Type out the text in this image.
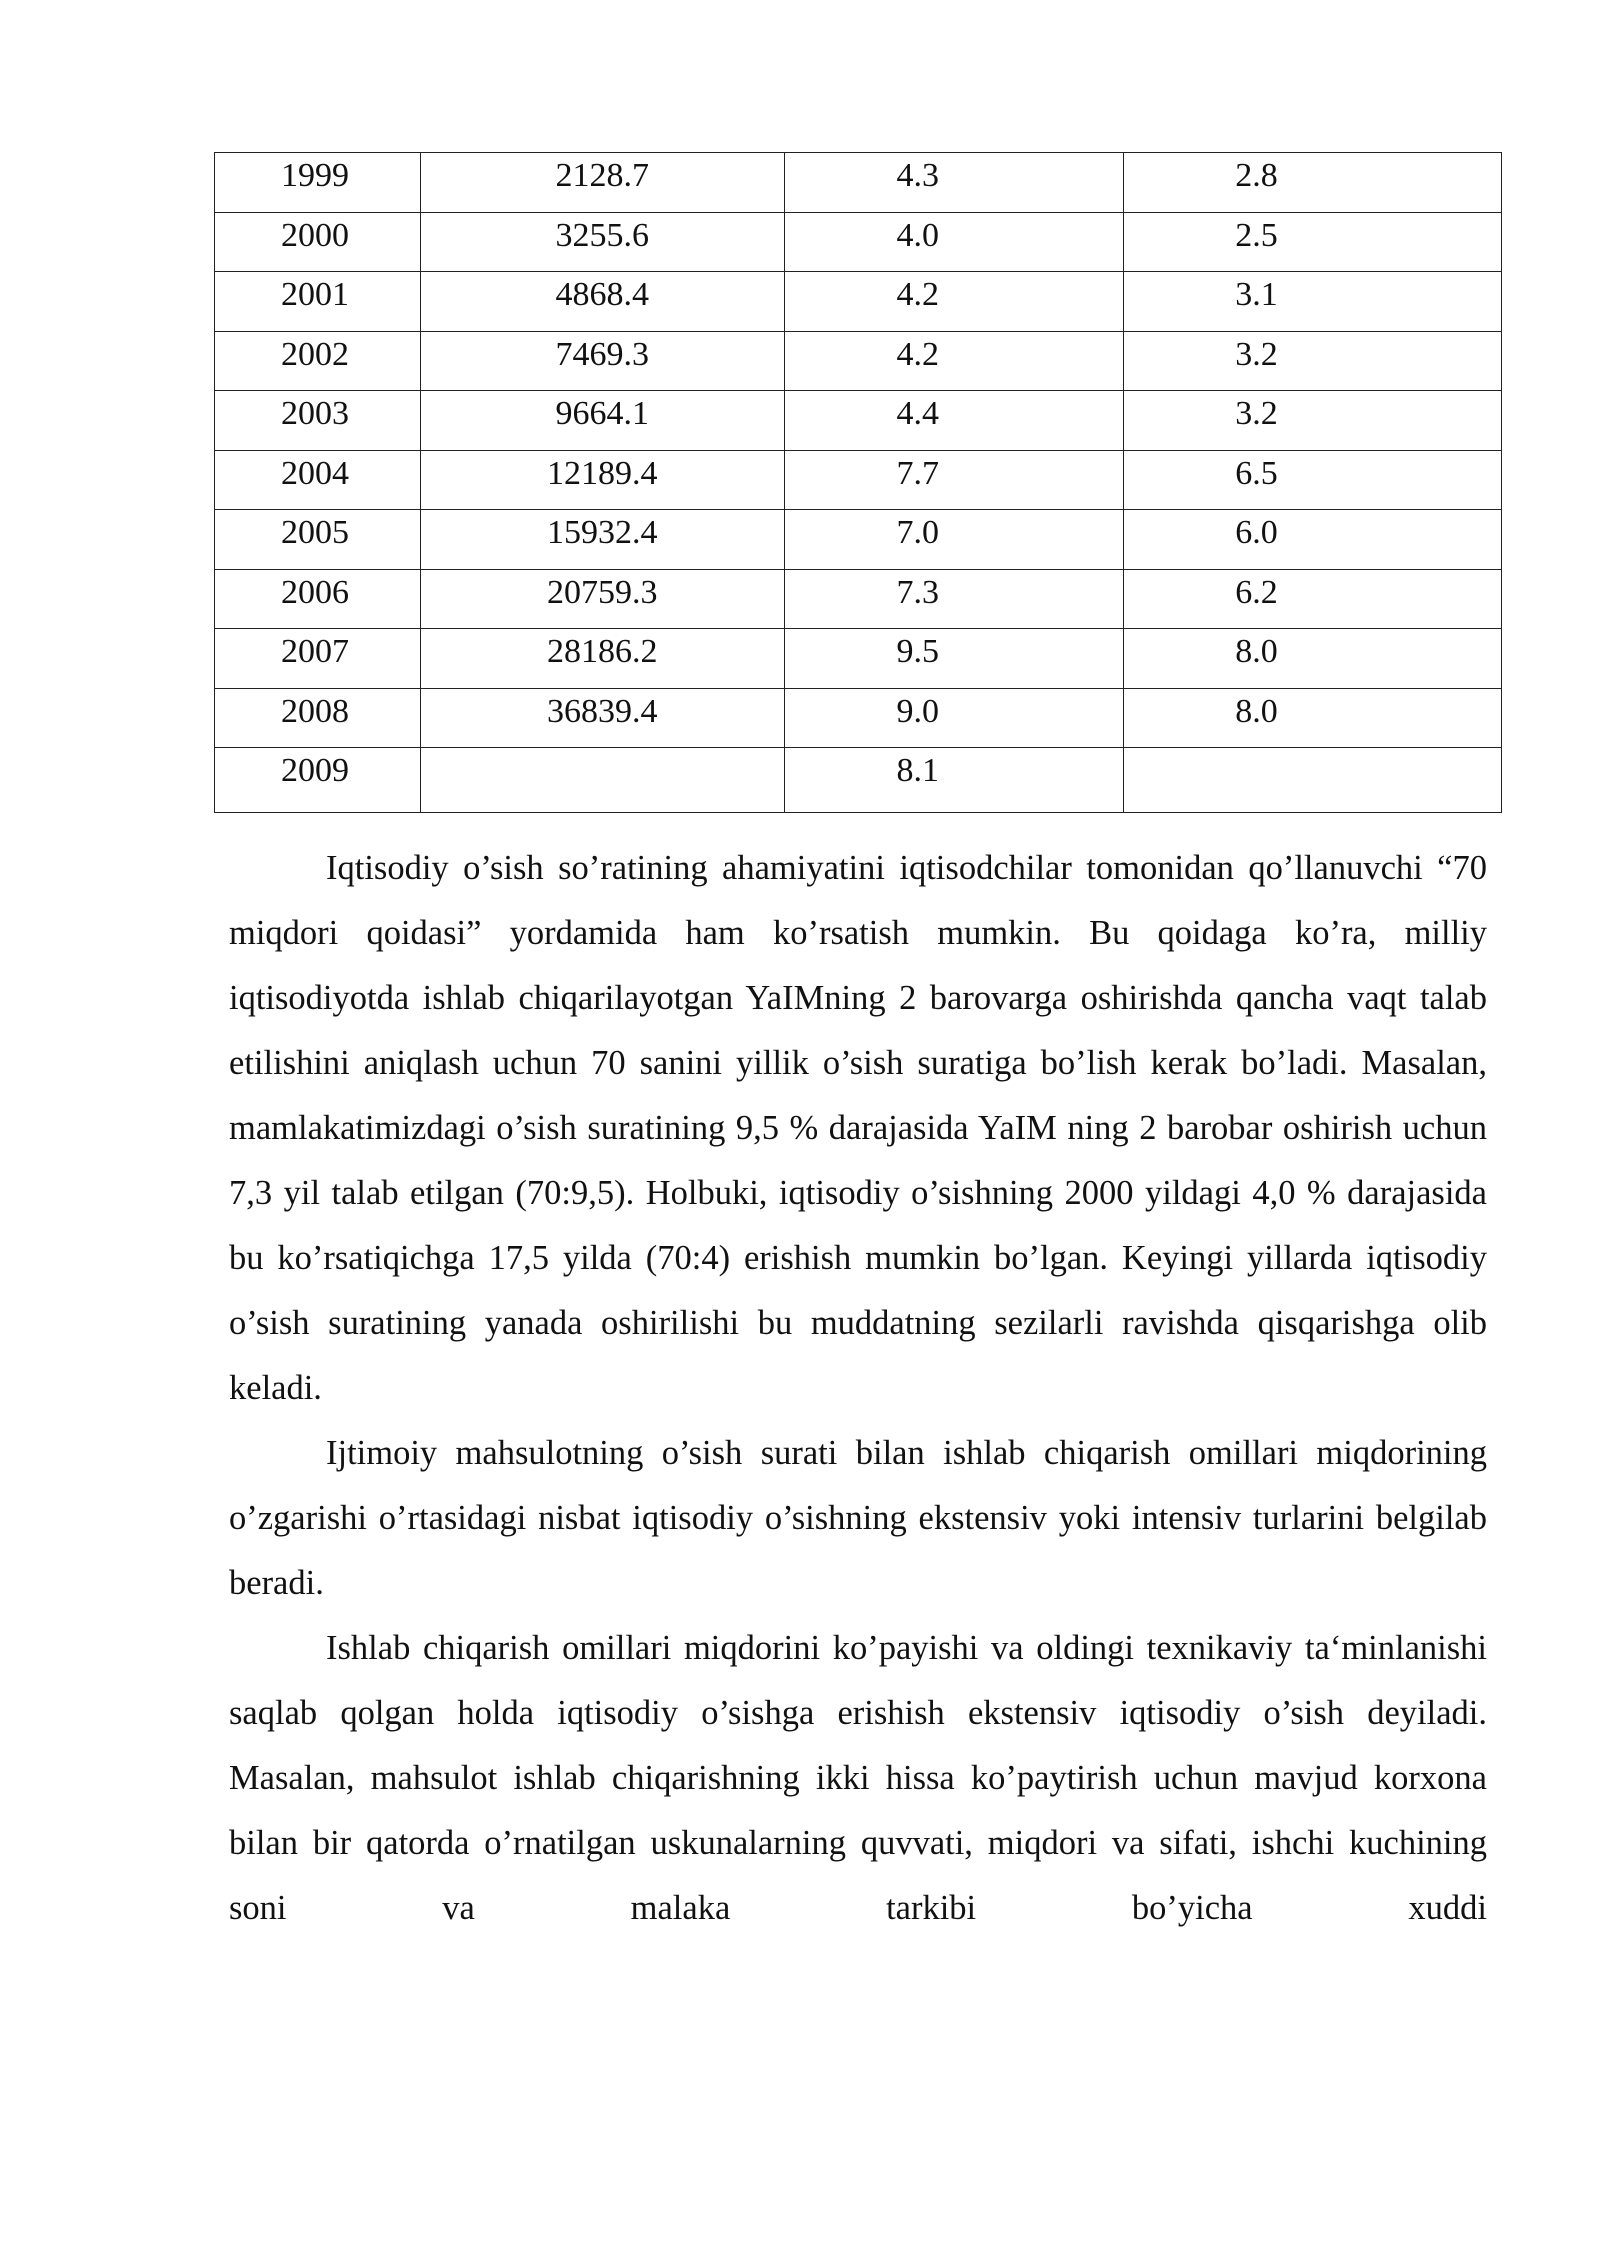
1999	2128.7	4.3	2.8
2000	3255.6	4.0	2.5
2001	4868.4	4.2	3.1
2002	7469.3	4.2	3.2
2003	9664.1	4.4	3.2
2004	12189.4	7.7	6.5
2005	15932.4	7.0	6.0
2006	20759.3	7.3	6.2
2007	28186.2	9.5	8.0
2008	36839.4	9.0	8.0
2009		8.1	

Iqtisodiy o’sish so’ratining ahamiyatini iqtisodchilar tomonidan qo’llanuvchi “70 miqdori qoidasi” yordamida ham ko’rsatish mumkin. Bu qoidaga ko’ra, milliy iqtisodiyotda ishlab chiqarilayotgan YaIMning 2 barovarga oshirishda qancha vaqt talab etilishini aniqlash uchun 70 sanini yillik o’sish suratiga bo’lish kerak bo’ladi. Masalan, mamlakatimizdagi o’sish suratining 9,5 % darajasida YaIM ning 2 barobar oshirish uchun 7,3 yil talab etilgan (70:9,5). Holbuki, iqtisodiy o’sishning 2000 yildagi 4,0 % darajasida bu ko’rsatiqichga 17,5 yilda (70:4) erishish mumkin bo’lgan. Keyingi yillarda iqtisodiy o’sish suratining yanada oshirilishi bu muddatning sezilarli ravishda qisqarishga olib keladi.

Ijtimoiy mahsulotning o’sish surati bilan ishlab chiqarish omillari miqdorining o’zgarishi o’rtasidagi nisbat iqtisodiy o’sishning ekstensiv yoki intensiv turlarini belgilab beradi.

Ishlab chiqarish omillari miqdorini ko’payishi va oldingi texnikaviy ta‘minlanishi saqlab qolgan holda iqtisodiy o’sishga erishish ekstensiv iqtisodiy o’sish deyiladi. Masalan, mahsulot ishlab chiqarishning ikki hissa ko’paytirish uchun mavjud korxona bilan bir qatorda o’rnatilgan uskunalarning quvvati, miqdori va sifati, ishchi kuchining soni va malaka tarkibi bo’yicha xuddi
